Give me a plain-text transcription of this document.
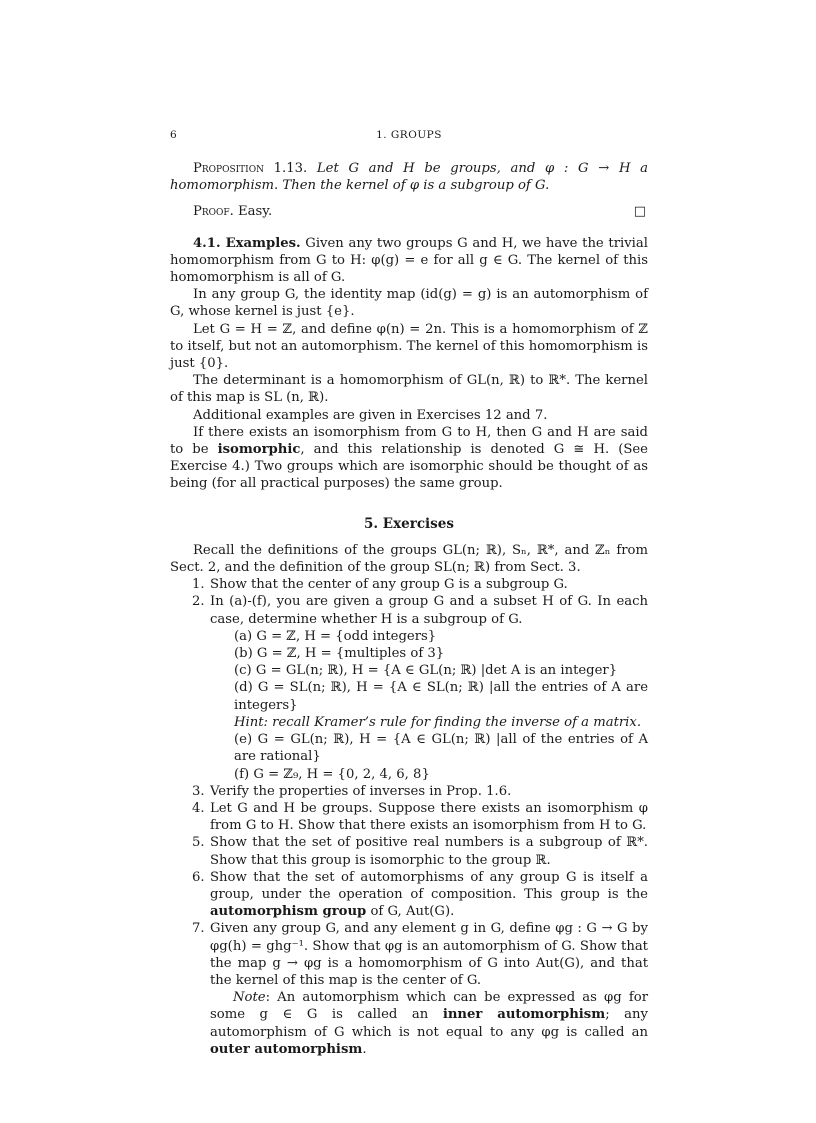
6	1. GROUPS

Proposition 1.13. Let G and H be groups, and φ : G → H a homomorphism. Then the kernel of φ is a subgroup of G.

Proof. Easy.	□

4.1. Examples. Given any two groups G and H, we have the trivial homomorphism from G to H: φ(g) = e for all g ∈ G. The kernel of this homomorphism is all of G.

In any group G, the identity map (id(g) = g) is an automorphism of G, whose kernel is just {e}.

Let G = H = ℤ, and define φ(n) = 2n. This is a homomorphism of ℤ to itself, but not an automorphism. The kernel of this homomorphism is just {0}.

The determinant is a homomorphism of GL(n, ℝ) to ℝ*. The kernel of this map is SL (n, ℝ).

Additional examples are given in Exercises 12 and 7.

If there exists an isomorphism from G to H, then G and H are said to be isomorphic, and this relationship is denoted G ≅ H. (See Exercise 4.) Two groups which are isomorphic should be thought of as being (for all practical purposes) the same group.

5. Exercises

Recall the definitions of the groups GL(n; ℝ), Sₙ, ℝ*, and ℤₙ from Sect. 2, and the definition of the group SL(n; ℝ) from Sect. 3.

1. Show that the center of any group G is a subgroup G.
2. In (a)-(f), you are given a group G and a subset H of G. In each case, determine whether H is a subgroup of G.
(a) G = ℤ, H = {odd integers}
(b) G = ℤ, H = {multiples of 3}
(c) G = GL(n; ℝ), H = {A ∈ GL(n; ℝ) |det A is an integer}
(d) G = SL(n; ℝ), H = {A ∈ SL(n; ℝ) |all the entries of A are integers}
Hint: recall Kramer’s rule for finding the inverse of a matrix.
(e) G = GL(n; ℝ), H = {A ∈ GL(n; ℝ) |all of the entries of A are rational}
(f) G = ℤ₉, H = {0, 2, 4, 6, 8}
3. Verify the properties of inverses in Prop. 1.6.
4. Let G and H be groups. Suppose there exists an isomorphism φ from G to H. Show that there exists an isomorphism from H to G.
5. Show that the set of positive real numbers is a subgroup of ℝ*. Show that this group is isomorphic to the group ℝ.
6. Show that the set of automorphisms of any group G is itself a group, under the operation of composition. This group is the automorphism group of G, Aut(G).
7. Given any group G, and any element g in G, define φg : G → G by φg(h) = ghg⁻¹. Show that φg is an automorphism of G. Show that the map g → φg is a homomorphism of G into Aut(G), and that the kernel of this map is the center of G.

Note: An automorphism which can be expressed as φg for some g ∈ G is called an inner automorphism; any automorphism of G which is not equal to any φg is called an outer automorphism.
